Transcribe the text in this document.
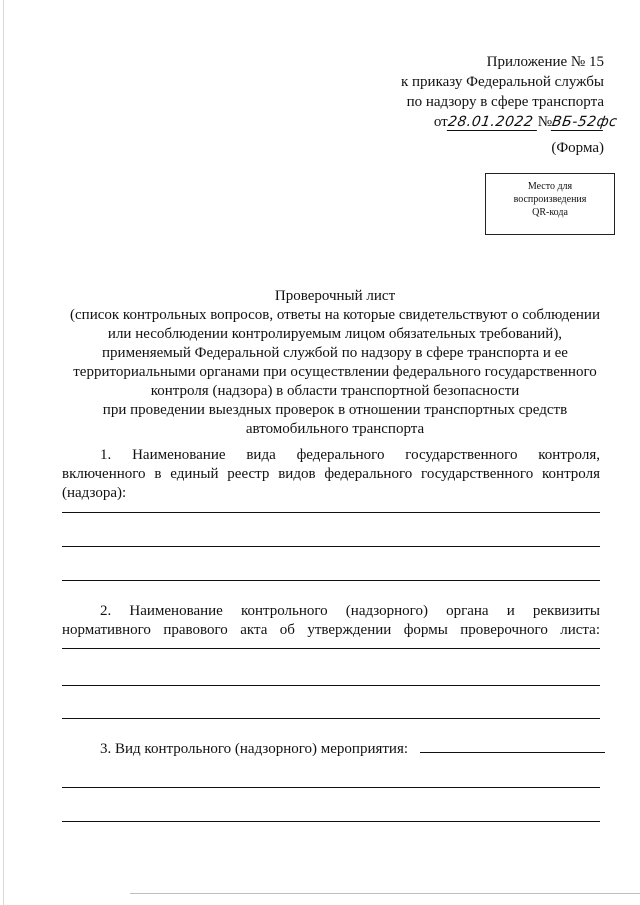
Приложение № 15
к приказу Федеральной службы
по надзору в сфере транспорта
от
28.01.2022 №
ВБ-52фс
(Форма)
Место для
воспроизведения
QR-кода
Проверочный лист
(список контрольных вопросов, ответы на которые свидетельствуют о соблюдении
или несоблюдении контролируемым лицом обязательных требований),
применяемый Федеральной службой по надзору в сфере транспорта и ее
территориальными органами при осуществлении федерального государственного
контроля (надзора) в области транспортной безопасности
при проведении выездных проверок в отношении транспортных средств
автомобильного транспорта
1. Наименование вида федерального государственного контроля,
включенного в единый реестр видов федерального государственного контроля
(надзора):
2. Наименование контрольного (надзорного) органа и реквизиты
нормативного правового акта об утверждении формы проверочного листа:
3. Вид контрольного (надзорного) мероприятия:
